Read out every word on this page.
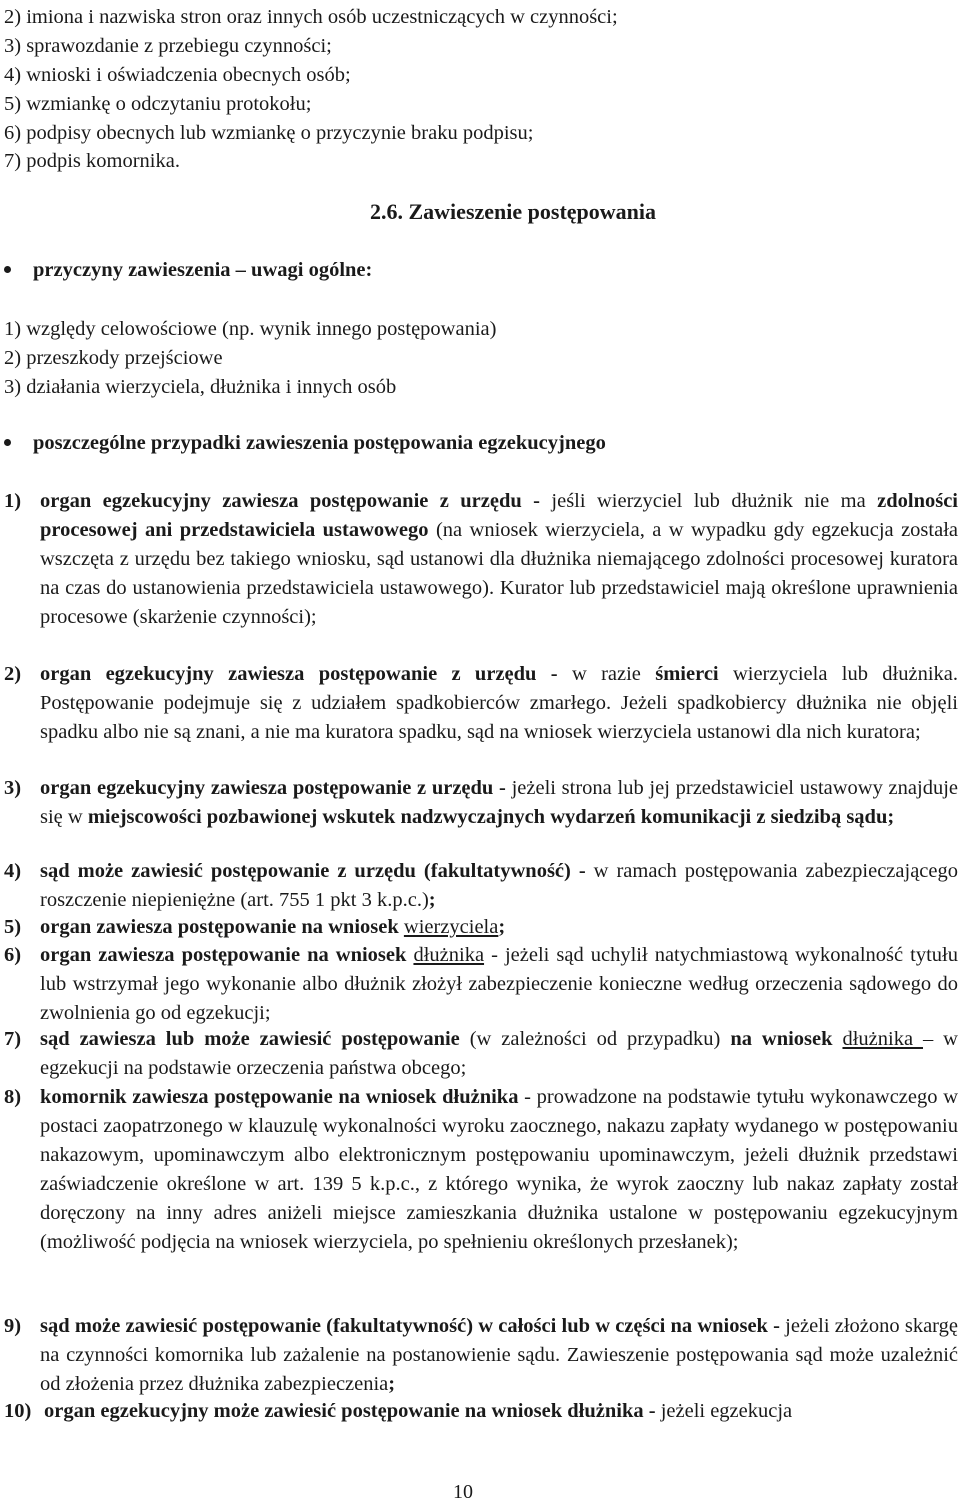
2) imiona i nazwiska stron oraz innych osób uczestniczących w czynności;
3) sprawozdanie z przebiegu czynności;
4) wnioski i oświadczenia obecnych osób;
5) wzmiankę o odczytaniu protokołu;
6) podpisy obecnych lub wzmiankę o przyczynie braku podpisu;
7) podpis komornika.
2.6. Zawieszenie postępowania
przyczyny zawieszenia – uwagi ogólne:
1) względy celowościowe (np. wynik innego postępowania)
2) przeszkody przejściowe
3) działania wierzyciela, dłużnika i innych osób
poszczególne przypadki zawieszenia postępowania egzekucyjnego
1) organ egzekucyjny zawiesza postępowanie z urzędu - jeśli wierzyciel lub dłużnik nie ma zdolności procesowej ani przedstawiciela ustawowego (na wniosek wierzyciela, a w wypadku gdy egzekucja została wszczęta z urzędu bez takiego wniosku, sąd ustanowi dla dłużnika niemającego zdolności procesowej kuratora na czas do ustanowienia przedstawiciela ustawowego). Kurator lub przedstawiciel mają określone uprawnienia procesowe (skarżenie czynności);
2) organ egzekucyjny zawiesza postępowanie z urzędu - w razie śmierci wierzyciela lub dłużnika. Postępowanie podejmuje się z udziałem spadkobierców zmarłego. Jeżeli spadkobiercy dłużnika nie objęli spadku albo nie są znani, a nie ma kuratora spadku, sąd na wniosek wierzyciela ustanowi dla nich kuratora;
3) organ egzekucyjny zawiesza postępowanie z urzędu - jeżeli strona lub jej przedstawiciel ustawowy znajduje się w miejscowości pozbawionej wskutek nadzwyczajnych wydarzeń komunikacji z siedzibą sądu;
4) sąd może zawiesić postępowanie z urzędu (fakultatywność) - w ramach postępowania zabezpieczającego roszczenie niepieniężne (art. 755 1 pkt 3 k.p.c.);
5) organ zawiesza postępowanie na wniosek wierzyciela;
6) organ zawiesza postępowanie na wniosek dłużnika - jeżeli sąd uchylił natychmiastową wykonalność tytułu lub wstrzymał jego wykonanie albo dłużnik złożył zabezpieczenie konieczne według orzeczenia sądowego do zwolnienia go od egzekucji;
7) sąd zawiesza lub może zawiesić postępowanie (w zależności od przypadku) na wniosek dłużnika – w egzekucji na podstawie orzeczenia państwa obcego;
8) komornik zawiesza postępowanie na wniosek dłużnika - prowadzone na podstawie tytułu wykonawczego w postaci zaopatrzonego w klauzulę wykonalności wyroku zaocznego, nakazu zapłaty wydanego w postępowaniu nakazowym, upominawczym albo elektronicznym postępowaniu upominawczym, jeżeli dłużnik przedstawi zaświadczenie określone w art. 139 5 k.p.c., z którego wynika, że wyrok zaoczny lub nakaz zapłaty został doręczony na inny adres aniżeli miejsce zamieszkania dłużnika ustalone w postępowaniu egzekucyjnym (możliwość podjęcia na wniosek wierzyciela, po spełnieniu określonych przesłanek);
9) sąd może zawiesić postępowanie (fakultatywność) w całości lub w części na wniosek - jeżeli złożono skargę na czynności komornika lub zażalenie na postanowienie sądu. Zawieszenie postępowania sąd może uzależnić od złożenia przez dłużnika zabezpieczenia;
10) organ egzekucyjny może zawiesić postępowanie na wniosek dłużnika - jeżeli egzekucja
10
